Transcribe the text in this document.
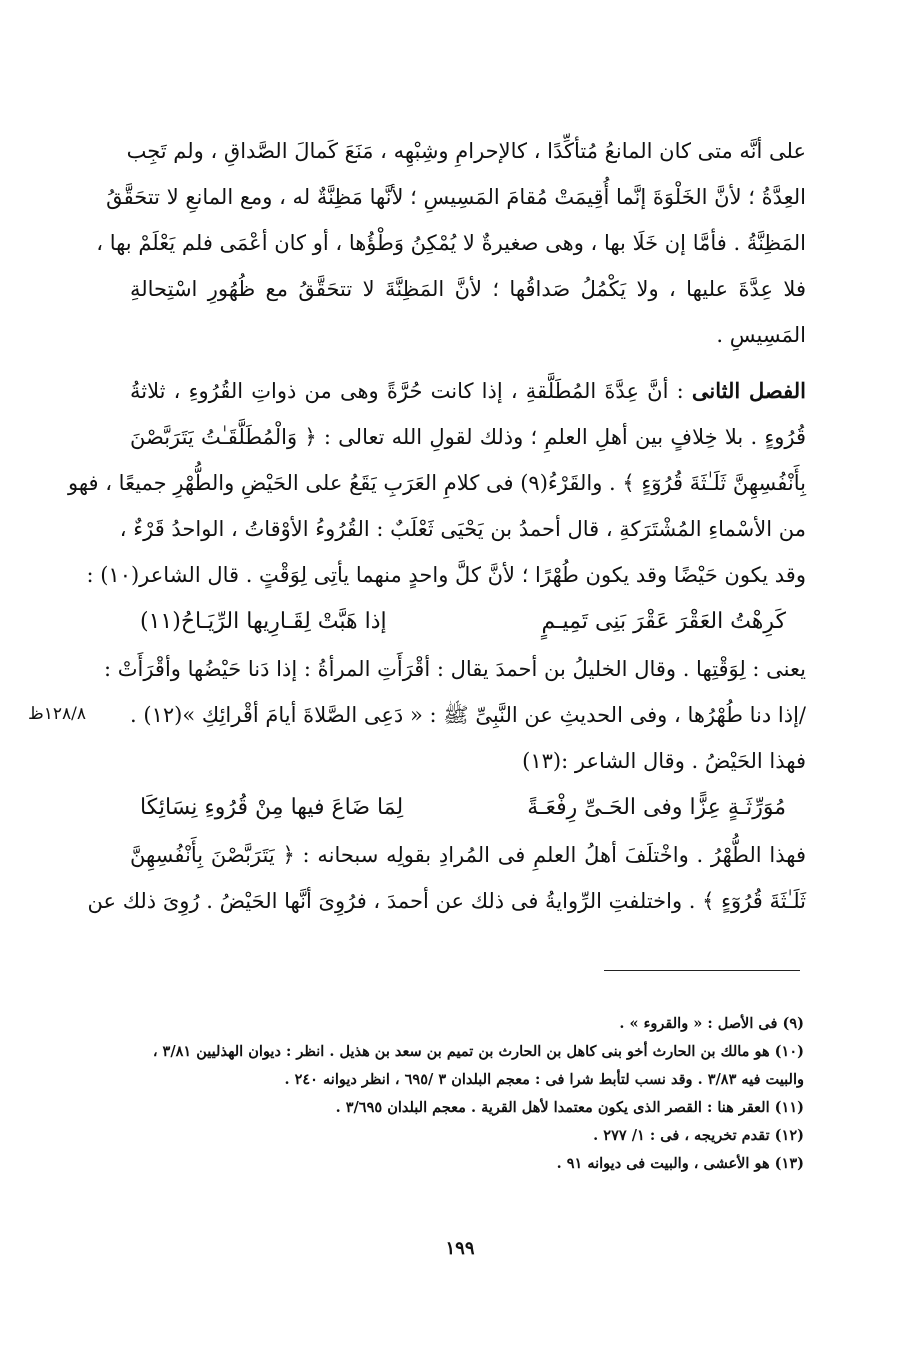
على أنَّه متى كان المانعُ مُتأكِّدًا ، كالإحرامِ وشِبْهِه ، مَنَعَ كَمالَ الصَّداقِ ، ولم تَجِب
العِدَّةُ ؛ لأنَّ الخَلْوَةَ إنَّما أُقِيمَتْ مُقامَ المَسِيسِ ؛ لأنَّها مَظِنَّةٌ له ، ومع المانعِ لا تتحَقَّقُ
المَظِنَّةُ . فأمَّا إن خَلَا بها ، وهى صغيرةٌ لا يُمْكِنُ وَطْؤُها ، أو كان أعْمَى فلم يَعْلَمْ بها ،
فلا عِدَّةَ عليها ، ولا يَكْمُلُ صَداقُها ؛ لأنَّ المَظِنَّةَ لا تتحَقَّقُ مع ظُهُورِ اسْتِحالةِ
المَسِيسِ .
الفصل الثانى : أنَّ عِدَّةَ المُطَلَّقةِ ، إذا كانت حُرَّةً وهى من ذواتِ القُرُوءِ ، ثلاثةُ
قُرُوءٍ . بلا خِلافٍ بين أهلِ العلمِ ؛ وذلك لقولِ الله تعالى : ﴿ وَالْمُطَلَّقَـٰتُ يَتَرَبَّصْنَ
بِأَنْفُسِهِنَّ ثَلَـٰثَةَ قُرُوٓءٍ ﴾ . والقَرْءُ(٩) فى كلامِ العَرَبِ يَقَعُ على الحَيْضِ والطُّهْرِ جميعًا ، فهو
من الأسْماءِ المُشْتَرَكةِ ، قال أحمدُ بن يَحْيَى ثَعْلَبٌ : القُرُوءُ الأوْقاتُ ، الواحدُ قَرْءٌ ،
وقد يكون حَيْضًا وقد يكون طُهْرًا ؛ لأنَّ كلَّ واحدٍ منهما يأتِى لِوَقْتٍ . قال الشاعر(١٠) :
كَرِهْتُ العَقْرَ عَقْرَ بَنِى تَمِيـمٍ
إذا هَبَّتْ لِقَـارِيها الرِّيَـاحُ(١١)
يعنى : لِوَقْتِها . وقال الخليلُ بن أحمدَ يقال : أقْرَأَتِ المرأةُ : إذا دَنا حَيْضُها وأقْرَأَتْ :
/إذا دنا طُهْرُها ، وفى الحديثِ عن النَّبِىِّ ﷺ : « دَعِى الصَّلاةَ أيامَ أقْرائِكِ »(١٢) .
فهذا الحَيْضُ . وقال الشاعر :(١٣)
مُوَرِّثَـةٍ عِزًّا وفى الحَـىِّ رِفْعَـةً
لِمَا ضَاعَ فيها مِنْ قُرُوءِ نِسَائِكَا
فهذا الطُّهْرُ . واخْتلَفَ أهلُ العلمِ فى المُرادِ بقولِه سبحانه : ﴿ يَتَرَبَّصْنَ بِأَنْفُسِهِنَّ
ثَلَـٰثَةَ قُرُوٓءٍ ﴾ . واختلفتِ الرِّوايةُ فى ذلك عن أحمدَ ، فرُوِىَ أنَّها الحَيْضُ . رُوِىَ ذلك عن
١٢٨/٨ظ
(٩) فى الأصل : « والقروء » .
(١٠) هو مالك بن الحارث أخو بنى كاهل بن الحارث بن تميم بن سعد بن هذيل . انظر : ديوان الهذليين ٣/٨١ ،
والبيت فيه ٣/٨٣ . وقد نسب لتأبط شرا فى : معجم البلدان ٣ /٦٩٥ ، انظر ديوانه ٢٤٠ .
(١١) العقر هنا : القصر الذى يكون معتمدا لأهل القرية . معجم البلدان ٣/٦٩٥ .
(١٢) تقدم تخريجه ، فى : ١/ ٢٧٧ .
(١٣) هو الأعشى ، والبيت فى ديوانه ٩١ .
١٩٩
